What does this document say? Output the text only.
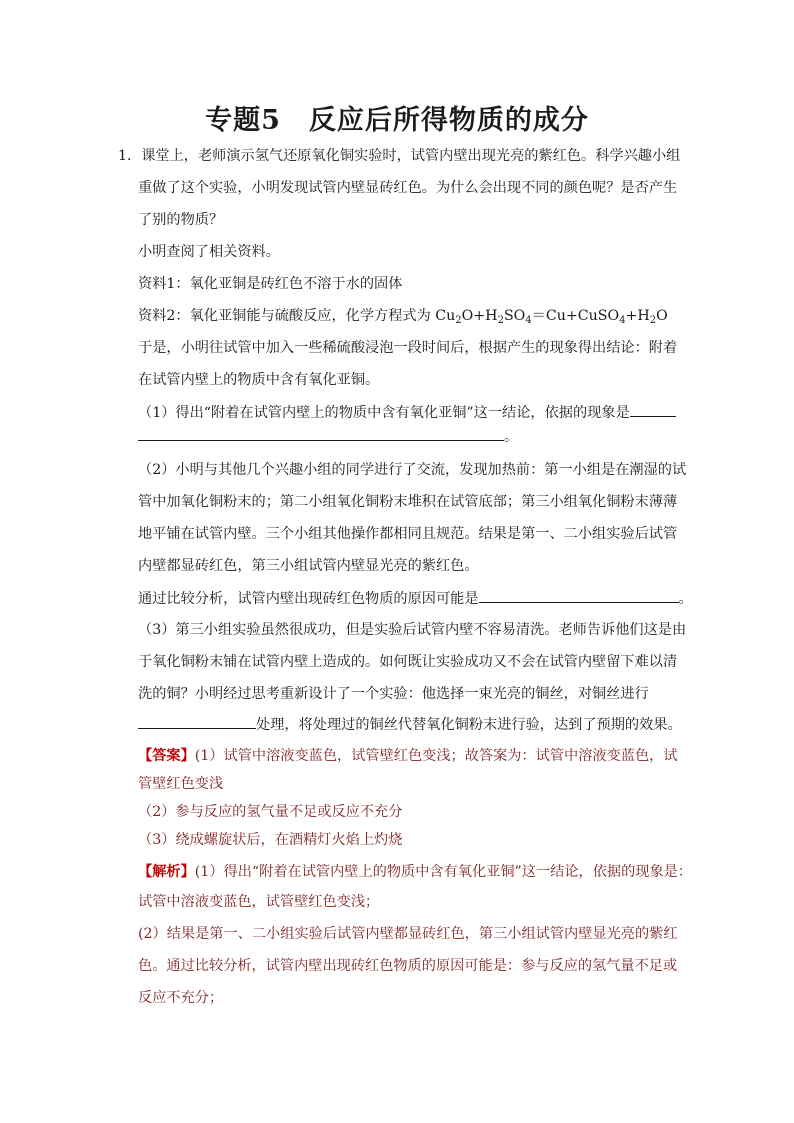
专题5　反应后所得物质的成分
1．课堂上，老师演示氢气还原氧化铜实验时，试管内壁出现光亮的紫红色。科学兴趣小组
重做了这个实验，小明发现试管内壁显砖红色。为什么会出现不同的颜色呢？是否产生
了别的物质？
小明查阅了相关资料。
资料1：氧化亚铜是砖红色不溶于水的固体
资料2：氧化亚铜能与硫酸反应，化学方程式为 $Cu_2O+H_2SO_4=Cu+CuSO_4+H_2O$
于是，小明往试管中加入一些稀硫酸浸泡一段时间后，根据产生的现象得出结论：附着
在试管内壁上的物质中含有氧化亚铜。
（1）得出“附着在试管内壁上的物质中含有氧化亚铜”这一结论，依据的现象是
。
（2）小明与其他几个兴趣小组的同学进行了交流，发现加热前：第一小组是在潮湿的试
管中加氧化铜粉末的；第二小组氧化铜粉末堆积在试管底部；第三小组氧化铜粉末薄薄
地平铺在试管内壁。三个小组其他操作都相同且规范。结果是第一、二小组实验后试管
内壁都显砖红色，第三小组试管内壁显光亮的紫红色。
通过比较分析，试管内壁出现砖红色物质的原因可能是	。
（3）第三小组实验虽然很成功，但是实验后试管内壁不容易清洗。老师告诉他们这是由
于氧化铜粉末铺在试管内壁上造成的。如何既让实验成功又不会在试管内壁留下难以清
洗的铜？小明经过思考重新设计了一个实验：他选择一束光亮的铜丝，对铜丝进行
处理，将处理过的铜丝代替氧化铜粉末进行验，达到了预期的效果。
【答案】(1）试管中溶液变蓝色，试管壁红色变浅；故答案为：试管中溶液变蓝色，试
管壁红色变浅
（2）参与反应的氢气量不足或反应不充分
（3）绕成螺旋状后，在酒精灯火焰上灼烧
【解析】(1）得出“附着在试管内壁上的物质中含有氧化亚铜”这一结论，依据的现象是：
试管中溶液变蓝色，试管壁红色变浅；
(2）结果是第一、二小组实验后试管内壁都显砖红色，第三小组试管内壁显光亮的紫红
色。通过比较分析，试管内壁出现砖红色物质的原因可能是：参与反应的氢气量不足或
反应不充分；
